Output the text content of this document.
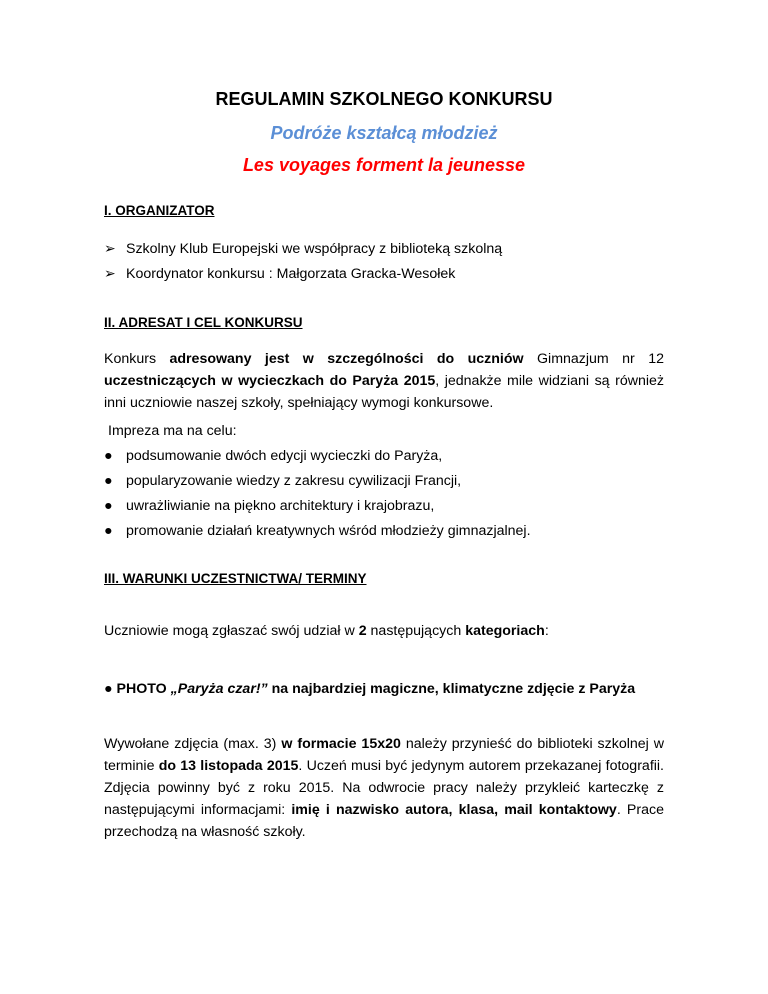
REGULAMIN SZKOLNEGO KONKURSU
Podróże kształcą młodzież
Les voyages forment la jeunesse
I. ORGANIZATOR
➢ Szkolny Klub Europejski we współpracy z biblioteką szkolną
➢ Koordynator konkursu : Małgorzata Gracka-Wesołek
II. ADRESAT I CEL KONKURSU
Konkurs adresowany jest w szczególności do uczniów Gimnazjum nr 12 uczestniczących w wycieczkach do Paryża 2015, jednakże mile widziani są również inni uczniowie naszej szkoły, spełniający wymogi konkursowe.
Impreza ma na celu:
● podsumowanie dwóch edycji wycieczki do Paryża,
● popularyzowanie wiedzy z zakresu cywilizacji Francji,
● uwrażliwianie na piękno architektury i krajobrazu,
● promowanie działań kreatywnych wśród młodzieży gimnazjalnej.
III. WARUNKI UCZESTNICTWA/ TERMINY
Uczniowie mogą zgłaszać swój udział w 2 następujących kategoriach:
● PHOTO „Paryża czar!” na najbardziej magiczne, klimatyczne zdjęcie z Paryża
Wywołane zdjęcia (max. 3) w formacie 15x20 należy przynieść do biblioteki szkolnej w terminie do 13 listopada 2015. Uczeń musi być jedynym autorem przekazanej fotografii. Zdjęcia powinny być z roku 2015. Na odwrocie pracy należy przykleić karteczkę z następującymi informacjami: imię i nazwisko autora, klasa, mail kontaktowy. Prace przechodzą na własność szkoły.
